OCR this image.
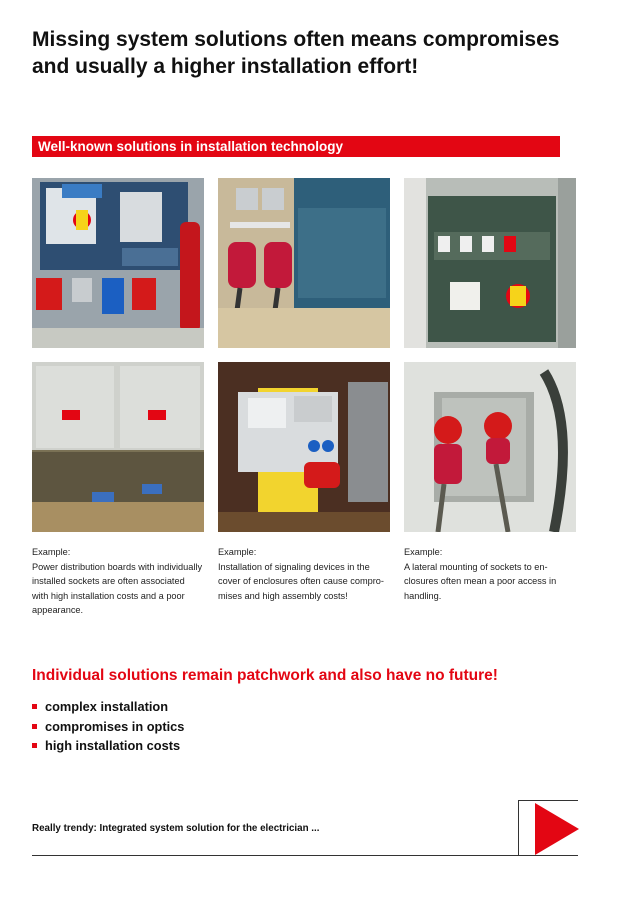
Missing system solutions often means compromises
and usually a higher installation effort!
Well-known solutions in installation technology
Example:
Power distribution boards with individually
installed sockets are often associated
with high installation costs and a poor
appearance.
Example:
Installation of signaling devices in the
cover of enclosures often cause compro-
mises and high assembly costs!
Example:
A lateral mounting of sockets to en-
closures often mean a poor access in
handling.
Individual solutions remain patchwork and also have no future!
complex installation
compromises in optics
high installation costs
Really trendy: Integrated system solution for the electrician ...
